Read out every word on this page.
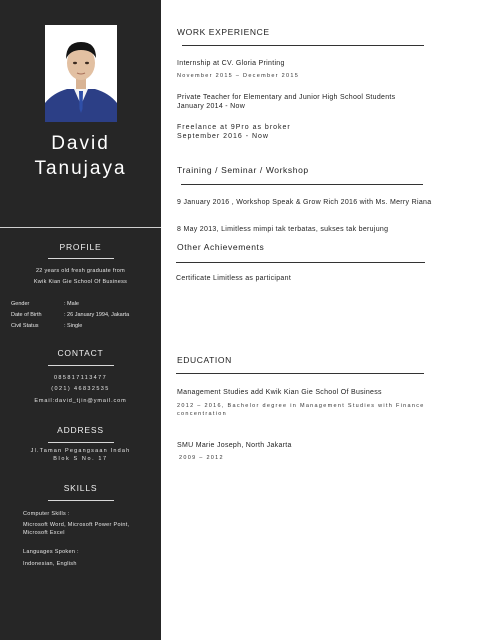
David
Tanujaya
PROFILE
22 years old fresh graduate from
Kwik Kian Gie School Of Business
Gender	: Male
Date of Birth	: 26 January 1994, Jakarta
Civil Status	: Single
CONTACT
085817113477
(021) 46832535
Email:david_tjin@ymail.com
ADDRESS
Jl.Taman Pegangsaan Indah
Blok S No. 17
SKILLS
Computer Skills :
Microsoft Word, Microsoft Power Point, Microsoft Excel
Languages Spoken :
Indonesian, English
WORK EXPERIENCE
Internship at CV. Gloria Printing
November 2015 – December 2015
Private Teacher for Elementary and Junior High School Students
January 2014 - Now
Freelance at 9Pro as broker
September 2016 - Now
Training / Seminar / Workshop
9 January 2016 , Workshop Speak & Grow Rich 2016 with Ms. Merry Riana
8 May 2013, Limitless mimpi tak terbatas, sukses tak berujung
Other Achievements
Certificate Limitless as participant
EDUCATION
Management Studies add Kwik Kian Gie School Of Business
2012 – 2016, Bachelor degree in Management Studies with Finance concentration
SMU Marie Joseph, North Jakarta
2009 – 2012
